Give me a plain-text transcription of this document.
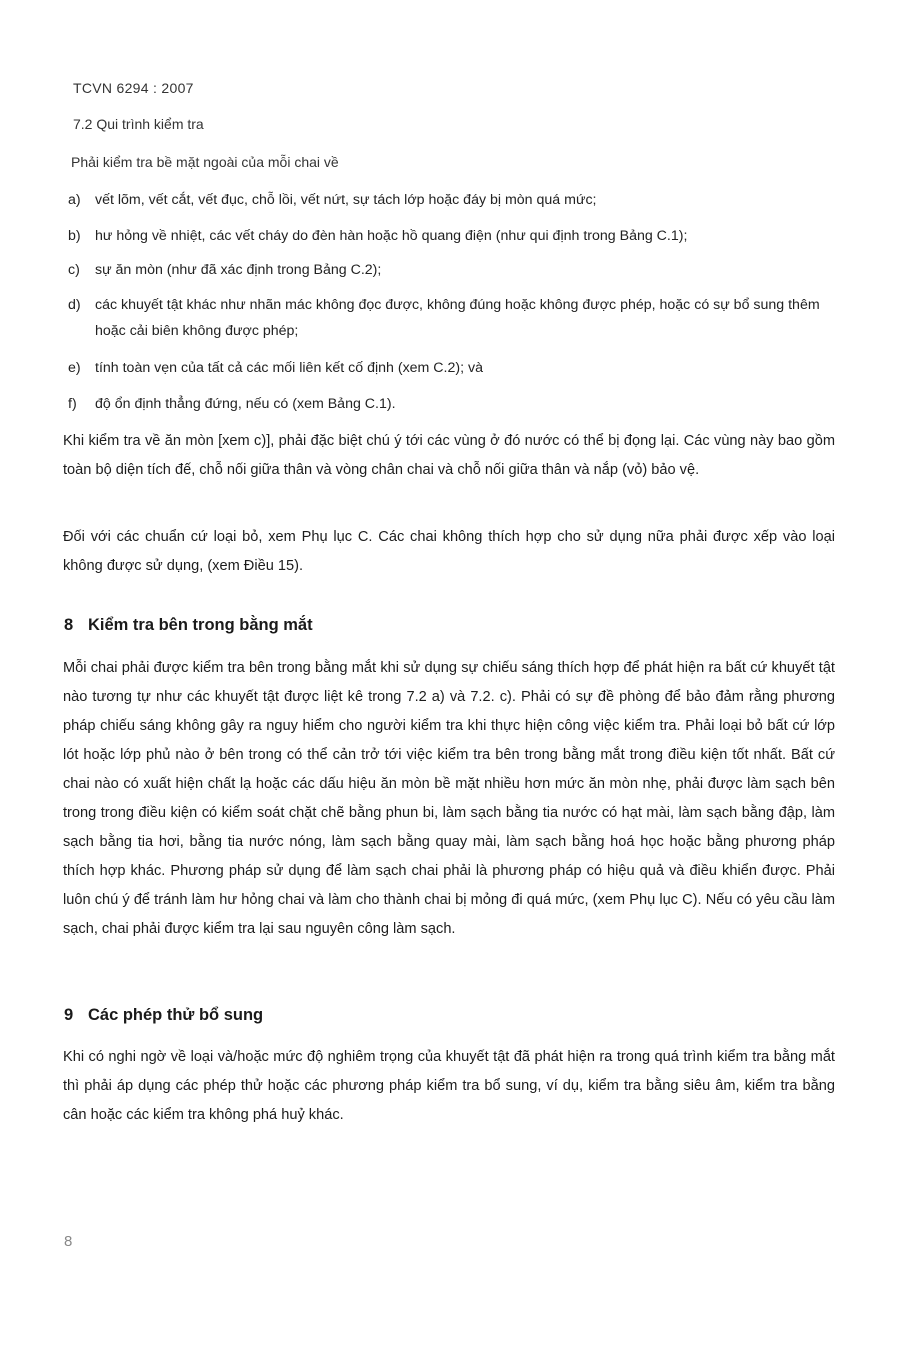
TCVN 6294 : 2007
7.2 Qui trình kiểm tra
Phải kiểm tra bề mặt ngoài của mỗi chai về
a) vết lõm, vết cắt, vết đục, chỗ lồi, vết nứt, sự tách lớp hoặc đáy bị mòn quá mức;
b) hư hỏng về nhiệt, các vết cháy do đèn hàn hoặc hồ quang điện (như qui định trong Bảng C.1);
c) sự ăn mòn (như đã xác định trong Bảng C.2);
d) các khuyết tật khác như nhãn mác không đọc được, không đúng hoặc không được phép, hoặc có sự bổ sung thêm hoặc cải biên không được phép;
e) tính toàn vẹn của tất cả các mối liên kết cố định (xem C.2); và
f) độ ổn định thẳng đứng, nếu có (xem Bảng C.1).
Khi kiểm tra về ăn mòn [xem c)], phải đặc biệt chú ý tới các vùng ở đó nước có thể bị đọng lại. Các vùng này bao gồm toàn bộ diện tích đế, chỗ nối giữa thân và vòng chân chai và chỗ nối giữa thân và nắp (vỏ) bảo vệ.
Đối với các chuẩn cứ loại bỏ, xem Phụ lục C. Các chai không thích hợp cho sử dụng nữa phải được xếp vào loại không được sử dụng, (xem Điều 15).
8 Kiểm tra bên trong bằng mắt
Mỗi chai phải được kiểm tra bên trong bằng mắt khi sử dụng sự chiếu sáng thích hợp để phát hiện ra bất cứ khuyết tật nào tương tự như các khuyết tật được liệt kê trong 7.2 a) và 7.2. c). Phải có sự đề phòng để bảo đảm rằng phương pháp chiếu sáng không gây ra nguy hiểm cho người kiểm tra khi thực hiện công việc kiểm tra. Phải loại bỏ bất cứ lớp lót hoặc lớp phủ nào ở bên trong có thể cản trở tới việc kiểm tra bên trong bằng mắt trong điều kiện tốt nhất. Bất cứ chai nào có xuất hiện chất lạ hoặc các dấu hiệu ăn mòn bề mặt nhiều hơn mức ăn mòn nhẹ, phải được làm sạch bên trong trong điều kiện có kiểm soát chặt chẽ bằng phun bi, làm sạch bằng tia nước có hạt mài, làm sạch bằng đập, làm sạch bằng tia hơi, bằng tia nước nóng, làm sạch bằng quay mài, làm sạch bằng hoá học hoặc bằng phương pháp thích hợp khác. Phương pháp sử dụng để làm sạch chai phải là phương pháp có hiệu quả và điều khiển được. Phải luôn chú ý để tránh làm hư hỏng chai và làm cho thành chai bị mỏng đi quá mức, (xem Phụ lục C). Nếu có yêu cầu làm sạch, chai phải được kiểm tra lại sau nguyên công làm sạch.
9 Các phép thử bổ sung
Khi có nghi ngờ về loại và/hoặc mức độ nghiêm trọng của khuyết tật đã phát hiện ra trong quá trình kiểm tra bằng mắt thì phải áp dụng các phép thử hoặc các phương pháp kiểm tra bổ sung, ví dụ, kiểm tra bằng siêu âm, kiểm tra bằng cân hoặc các kiểm tra không phá huỷ khác.
8
